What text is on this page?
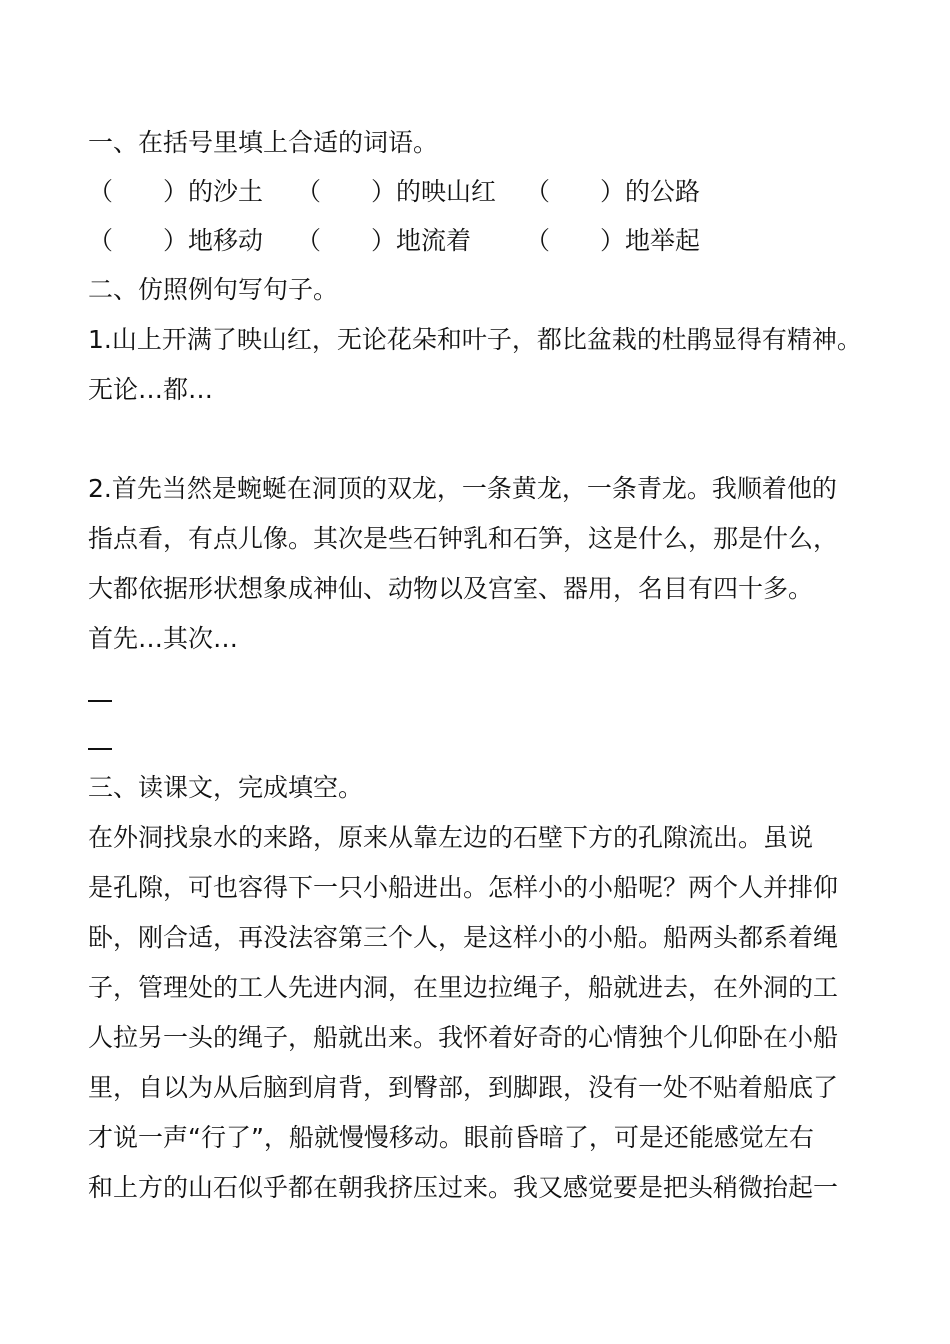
一、在括号里填上合适的词语。
（　　）的沙土 （　　）的映山红 （　　）的公路
（　　）地移动 （　　）地流着 （　　）地举起
二、仿照例句写句子。
1.山上开满了映山红，无论花朵和叶子，都比盆栽的杜鹃显得有精神。
无论…都…
2.首先当然是蜿蜒在洞顶的双龙，一条黄龙，一条青龙。我顺着他的
指点看，有点儿像。其次是些石钟乳和石笋，这是什么，那是什么，
大都依据形状想象成神仙、动物以及宫室、器用，名目有四十多。
首先…其次…
三、读课文，完成填空。
在外洞找泉水的来路，原来从靠左边的石壁下方的孔隙流出。虽说
是孔隙，可也容得下一只小船进出。怎样小的小船呢？两个人并排仰
卧，刚合适，再没法容第三个人，是这样小的小船。船两头都系着绳
子，管理处的工人先进内洞，在里边拉绳子，船就进去，在外洞的工
人拉另一头的绳子，船就出来。我怀着好奇的心情独个儿仰卧在小船
里，自以为从后脑到肩背，到臀部，到脚跟，没有一处不贴着船底了
才说一声“行了”，船就慢慢移动。眼前昏暗了，可是还能感觉左右
和上方的山石似乎都在朝我挤压过来。我又感觉要是把头稍微抬起一
